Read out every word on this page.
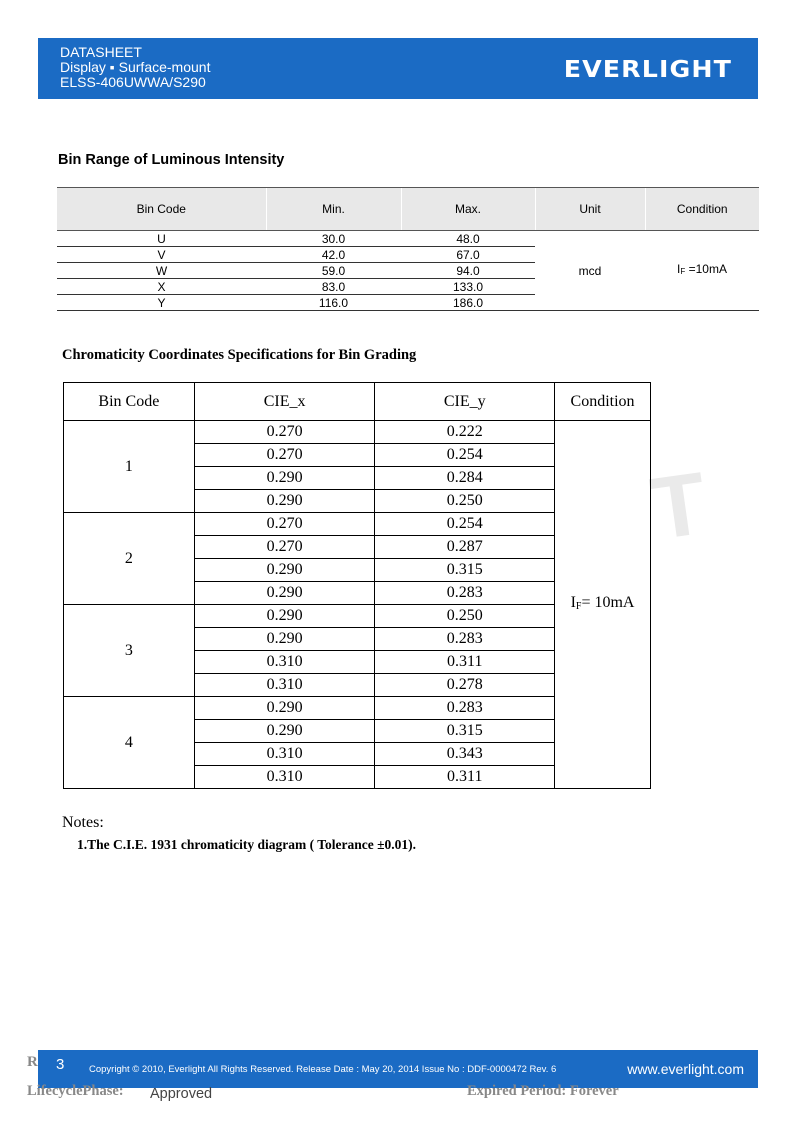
DATASHEET
Display ▪ Surface-mount
ELSS-406UWWA/S290	EVERLIGHT
T
Bin Range of Luminous Intensity
Bin Code	Min.	Max.	Unit	Condition
U	30.0	48.0	mcd	IF =10mA
V	42.0	67.0		
W	59.0	94.0		
X	83.0	133.0		
Y	116.0	186.0		
Chromaticity Coordinates Specifications for Bin Grading
Bin Code	CIE_x	CIE_y	Condition
1	0.270	0.222	IF= 10mA
	0.270	0.254	
	0.290	0.284	
	0.290	0.250	
2	0.270	0.254	
	0.270	0.287	
	0.290	0.315	
	0.290	0.283	
3	0.290	0.250	
	0.290	0.283	
	0.310	0.311	
	0.310	0.278	
4	0.290	0.283	
	0.290	0.315	
	0.310	0.343	
	0.310	0.311	
Notes:
1.The C.I.E. 1931 chromaticity diagram ( Tolerance ±0.01).
R 3	Copyright © 2010, Everlight All Rights Reserved. Release Date : May 20, 2014 Issue No : DDF-0000472 Rev. 6	www.everlight.com
LifecyclePhase: Approved	Expired Period: Forever
